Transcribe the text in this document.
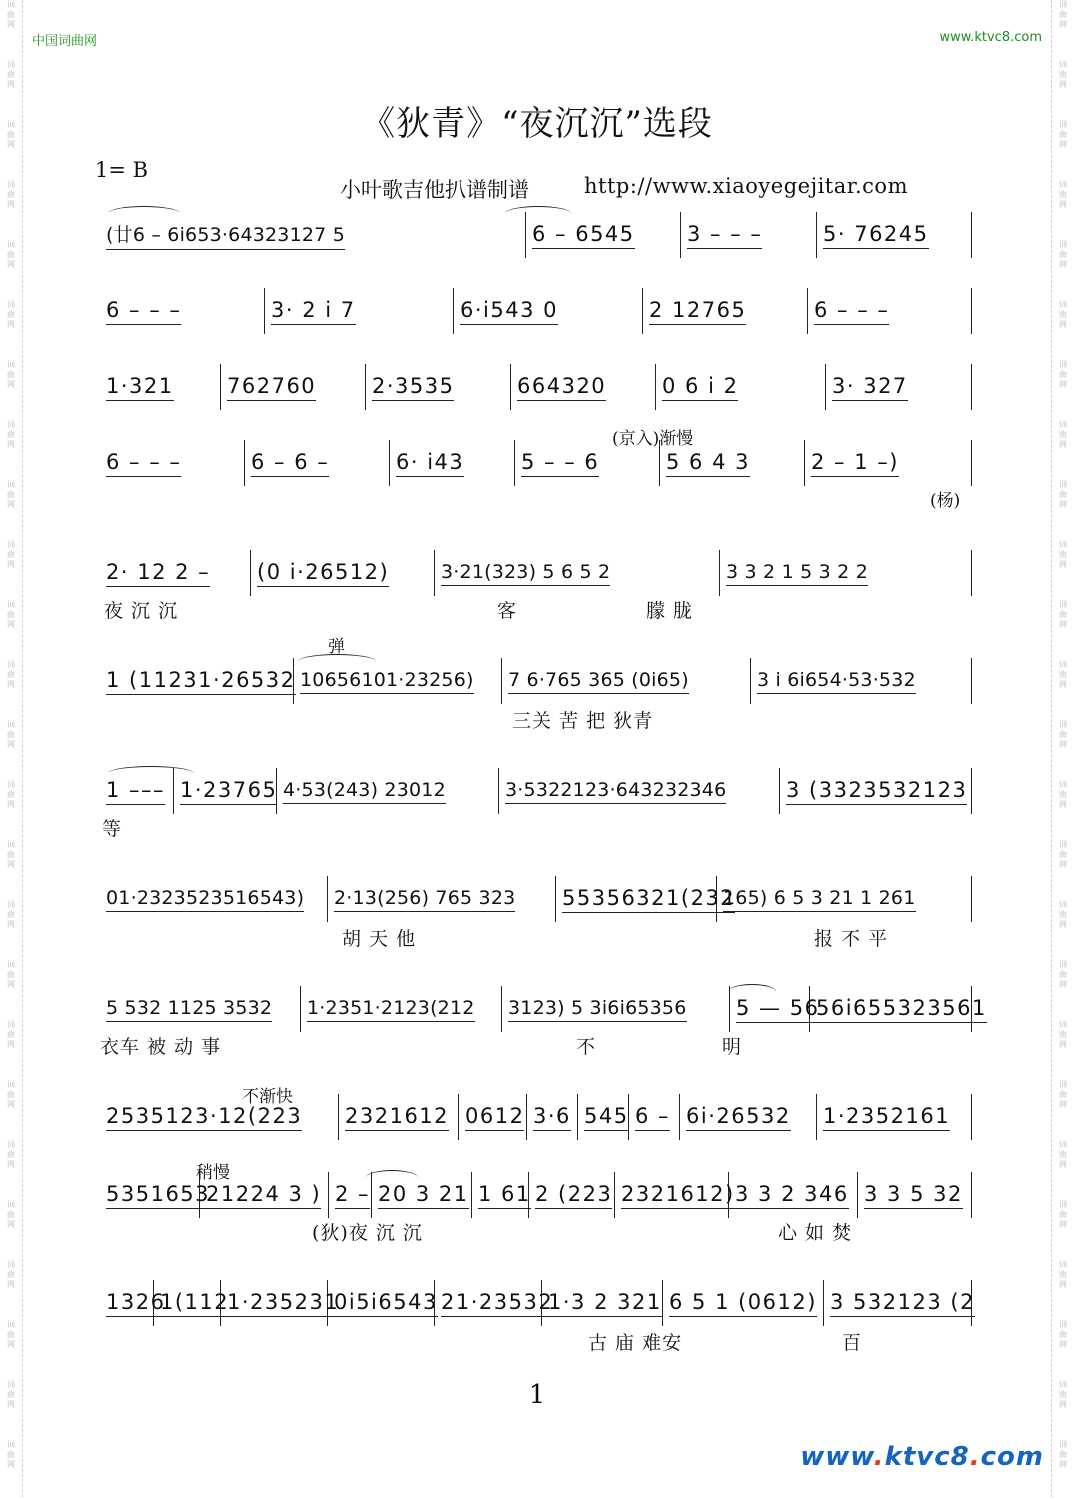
词
曲
网
词
曲
网
词
曲
网
词
曲
网
词
曲
网
词
曲
网
词
曲
网
词
曲
网
词
曲
网
词
曲
网
词
曲
网
词
曲
网
词
曲
网
词
曲
网
词
曲
网
词
曲
网
词
曲
网
词
曲
网
词
曲
网
词
曲
网
词
曲
网
词
曲
网
词
曲
网
词
曲
网
词
曲
网
词
曲
网
词
曲
网
词
曲
网
词
曲
网
词
曲
网
词
曲
网
词
曲
网
词
曲
网
词
曲
网
词
曲
网
词
曲
网
词
曲
网
词
曲
网
词
曲
网
词
曲
网
词
曲
网
词
曲
网
词
曲
网
词
曲
网
词
曲
网
词
曲
网
词
曲
网
词
曲
网
词
曲
网
词
曲
网
中国词曲网	www.ktvc8.com
《狄青》“夜沉沉”选段
1= B
小叶歌吉他扒谱制谱	http://www.xiaoyegejitar.com
(廿6 – 6i653·64323127 5	6 – 6545 3 – – –	5· 76245
6 – – –	3· 2 i 7	6·i543 0	2 12765	6 – – –
1·321	762760	2·3535	664320	0 6 i 2	3· 327
6 – – –	6 – 6 –	6· i43	5 – – 6	5 6 4 3	2 – 1 –)
2· 12 2 – (0 i·26512)	3·21(323) 5 6 5 2	3 3 2 1 5 3 2 2
1 (11231·26532 10656101·23256) 7 6·765 365 (0i65)	3 i 6i654·53·532
1 ––– 1·23765 4·53(243) 23012	3·5322123·643232346	3 (3323532123
01·2323523516543) 2·13(256) 765 323 55356321(232
165) 6 5 3 21 1 261
5 532 1125 3532 1·2351·2123(212 3123) 5 3i6i65356 5 — 56
56i655323561
2535123·12(223 2321612 0612 3·6 545 6 – 6i·26532 1·2352161
5351653
21224 3 ) 2 – 20 3 21 1 61 2 (223 2321612) 3 3 2 346 3 3 5 32
1326
1(112
1·235231
0i5i6543 21·23532
1·3 2 321 6 5 1 (0612) 3 532123 (2
(京入)渐慢
(杨)
弹
不渐快
稍慢
夜 沉 沉	客	朦 胧
三关 苦 把 狄青
等
胡 天 他	报 不 平
衣车 被 动 事	不	明
(狄)夜 沉 沉	心 如 焚
古 庙 难安	百
1
www.ktvc8.com
